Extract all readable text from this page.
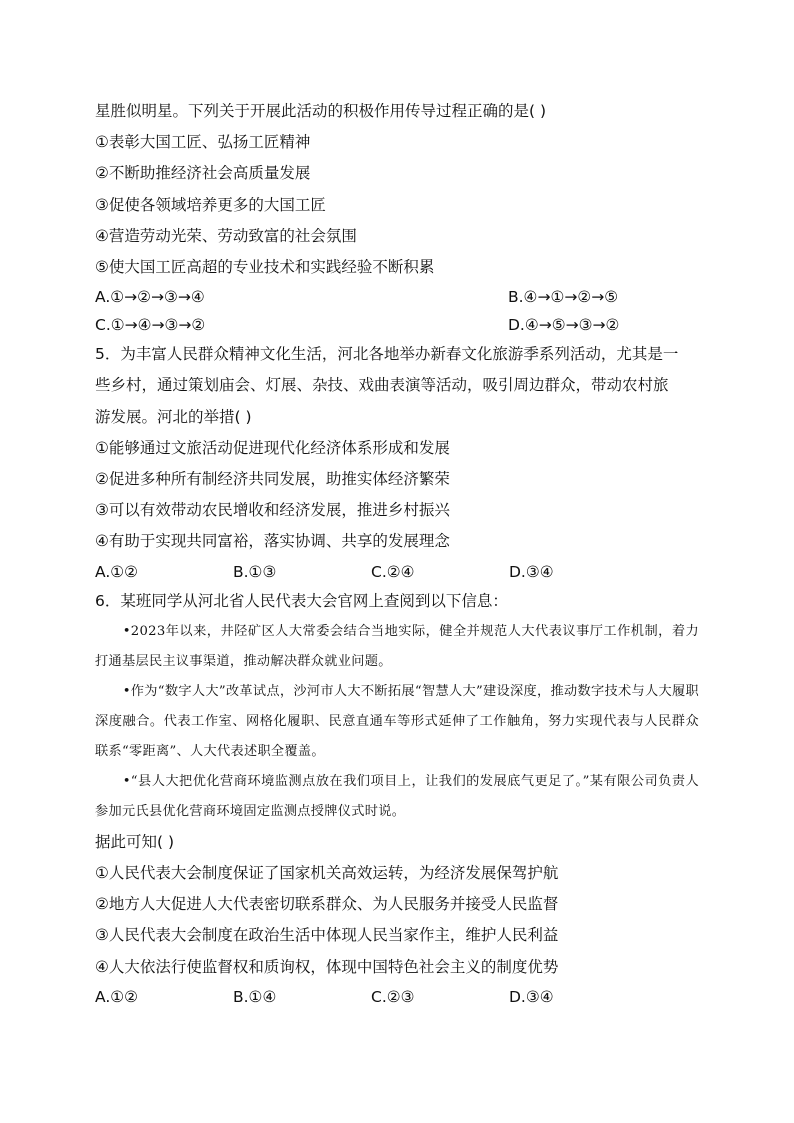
星胜似明星。下列关于开展此活动的积极作用传导过程正确的是( )
①表彰大国工匠、弘扬工匠精神
②不断助推经济社会高质量发展
③促使各领域培养更多的大国工匠
④营造劳动光荣、劳动致富的社会氛围
⑤使大国工匠高超的专业技术和实践经验不断积累
A.①→②→③→④	B.④→①→②→⑤
C.①→④→③→②	D.④→⑤→③→②
5．为丰富人民群众精神文化生活，河北各地举办新春文化旅游季系列活动，尤其是一
些乡村，通过策划庙会、灯展、杂技、戏曲表演等活动，吸引周边群众，带动农村旅
游发展。河北的举措( )
①能够通过文旅活动促进现代化经济体系形成和发展
②促进多种所有制经济共同发展，助推实体经济繁荣
③可以有效带动农民增收和经济发展，推进乡村振兴
④有助于实现共同富裕，落实协调、共享的发展理念
A.①②	B.①③	C.②④	D.③④
6．某班同学从河北省人民代表大会官网上查阅到以下信息：
•2023年以来，井陉矿区人大常委会结合当地实际，健全并规范人大代表议事厅工作机制，着力打通基层民主议事渠道，推动解决群众就业问题。
•作为“数字人大”改革试点，沙河市人大不断拓展“智慧人大”建设深度，推动数字技术与人大履职深度融合。代表工作室、网格化履职、民意直通车等形式延伸了工作触角，努力实现代表与人民群众联系“零距离”、人大代表述职全覆盖。
•“县人大把优化营商环境监测点放在我们项目上，让我们的发展底气更足了。”某有限公司负责人参加元氏县优化营商环境固定监测点授牌仪式时说。
据此可知( )
①人民代表大会制度保证了国家机关高效运转，为经济发展保驾护航
②地方人大促进人大代表密切联系群众、为人民服务并接受人民监督
③人民代表大会制度在政治生活中体现人民当家作主，维护人民利益
④人大依法行使监督权和质询权，体现中国特色社会主义的制度优势
A.①②	B.①④	C.②③	D.③④
